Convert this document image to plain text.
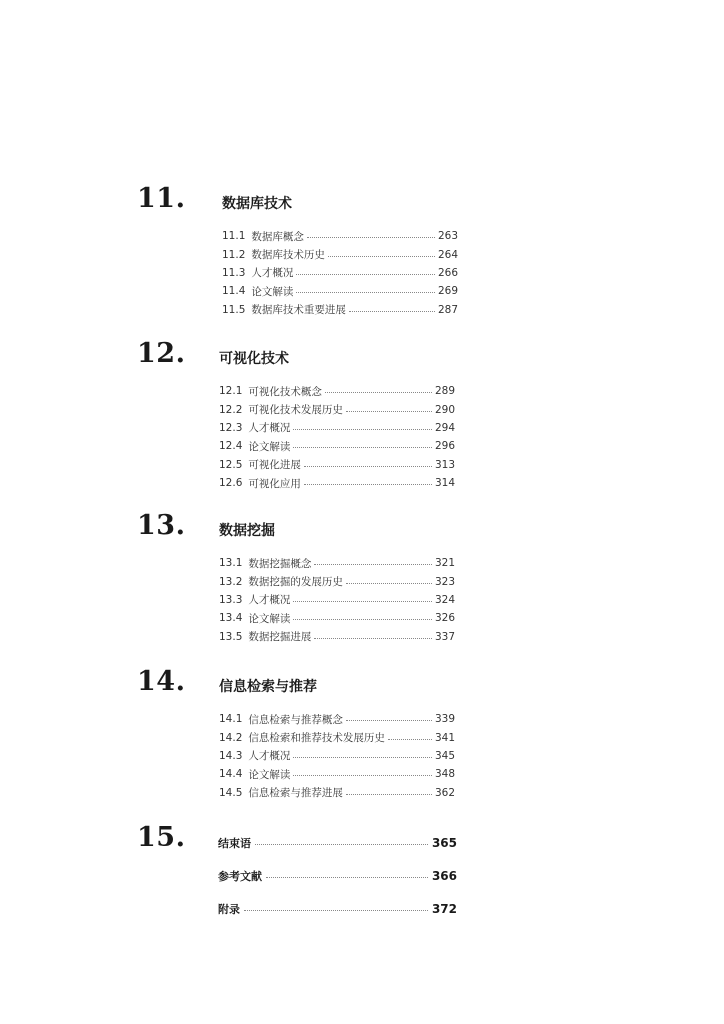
11.	数据库技术
11.1 数据库概念	263
11.2 数据库技术历史	264
11.3 人才概况	266
11.4 论文解读	269
11.5 数据库技术重要进展	287
12. 可视化技术
12.1 可视化技术概念	289
12.2 可视化技术发展历史	290
12.3 人才概况	294
12.4 论文解读	296
12.5 可视化进展	313
12.6 可视化应用	314
13. 数据挖掘
13.1 数据挖掘概念	321
13.2 数据挖掘的发展历史	323
13.3 人才概况	324
13.4 论文解读	326
13.5 数据挖掘进展	337
14. 信息检索与推荐
14.1 信息检索与推荐概念	339
14.2 信息检索和推荐技术发展历史	341
14.3 人才概况	345
14.4 论文解读	348
14.5 信息检索与推荐进展	362
15.	结束语	365
参考文献	366
附录	372
